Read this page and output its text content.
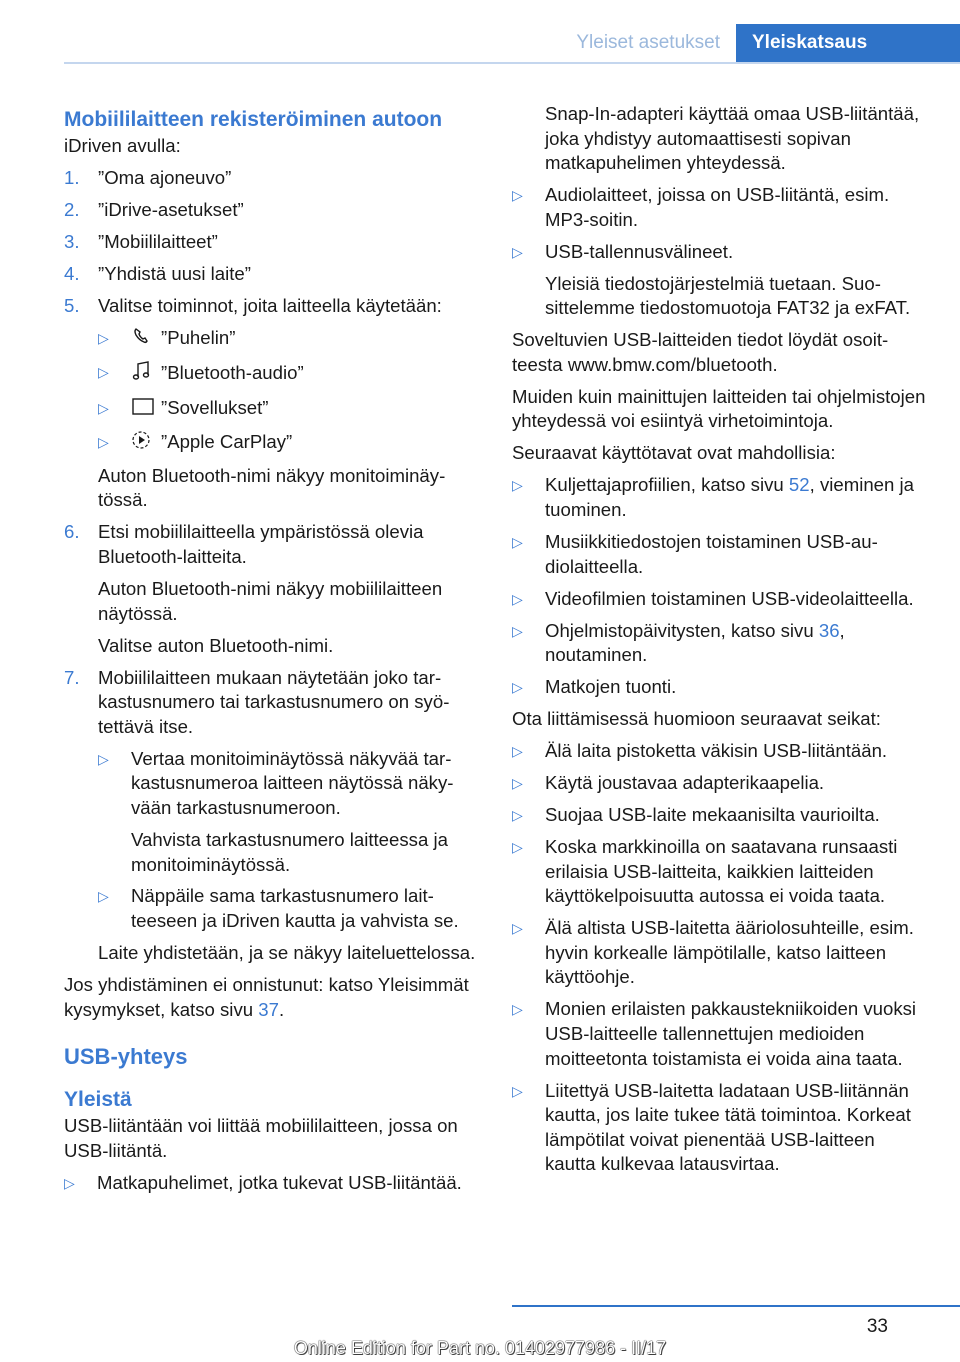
Yleiset asetukset	Yleiskatsaus
Mobiililaitteen rekisteröiminen autoon

iDriven avulla:

1. ”Oma ajoneuvo”
2. ”iDrive-asetukset”
3. ”Mobiililaitteet”
4. ”Yhdistä uusi laite”
5. Valitse toiminnot, joita laitteella käytetään:
▷	”Puhelin”
▷	”Bluetooth-audio”
▷	”Sovellukset”
▷	”Apple CarPlay”
Auton Bluetooth-nimi näkyy monitoiminäytössä.
6. Etsi mobiililaitteella ympäristössä olevia Bluetooth-laitteita.
Auton Bluetooth-nimi näkyy mobiililaitteen näytössä.
Valitse auton Bluetooth-nimi.
7. Mobiililaitteen mukaan näytetään joko tarkastusnumero tai tarkastusnumero on syötettävä itse.
▷	Vertaa monitoiminäytössä näkyvää tarkastusnumeroa laitteen näytössä näkyvään tarkastusnumeroon.
Vahvista tarkastusnumero laitteessa ja monitoiminäytössä.
▷	Näppäile sama tarkastusnumero laitteeseen ja iDriven kautta ja vahvista se.
Laite yhdistetään, ja se näkyy laiteluettelossa.

Jos yhdistäminen ei onnistunut: katso Yleisimmät kysymykset, katso sivu 37.

USB-yhteys
Yleistä

USB-liitäntään voi liittää mobiililaitteen, jossa on USB-liitäntä.

▷	Matkapuhelimet, jotka tukevat USB-liitäntää.
Snap-In-adapteri käyttää omaa USB-liitäntää, joka yhdistyy automaattisesti sopivan matkapuhelimen yhteydessä.
▷	Audiolaitteet, joissa on USB-liitäntä, esim. MP3-soitin.
▷	USB-tallennusvälineet.
Yleisiä tiedostojärjestelmiä tuetaan. Suosittelemme tiedostomuotoja FAT32 ja exFAT.

Soveltuvien USB-laitteiden tiedot löydät osoitteesta www.bmw.com/bluetooth.

Muiden kuin mainittujen laitteiden tai ohjelmistojen yhteydessä voi esiintyä virhetoimintoja.

Seuraavat käyttötavat ovat mahdollisia:

▷	Kuljettajaprofiilien, katso sivu 52, vieminen ja tuominen.
▷	Musiikkitiedostojen toistaminen USB-audiolaitteella.
▷	Videofilmien toistaminen USB-videolaitteella.
▷	Ohjelmistopäivitysten, katso sivu 36, noutaminen.
▷	Matkojen tuonti.

Ota liittämisessä huomioon seuraavat seikat:

▷	Älä laita pistoketta väkisin USB-liitäntään.
▷	Käytä joustavaa adapterikaapelia.
▷	Suojaa USB-laite mekaanisilta vaurioilta.
▷	Koska markkinoilla on saatavana runsaasti erilaisia USB-laitteita, kaikkien laitteiden käyttökelpoisuutta autossa ei voida taata.
▷	Älä altista USB-laitetta ääriolosuhteille, esim. hyvin korkealle lämpötilalle, katso laitteen käyttöohje.
▷	Monien erilaisten pakkaustekniikoiden vuoksi USB-laitteelle tallennettujen medioiden moitteetonta toistamista ei voida aina taata.
▷	Liitettyä USB-laitetta ladataan USB-liitännän kautta, jos laite tukee tätä toimintoa. Korkeat lämpötilat voivat pienentää USB-laitteen kautta kulkevaa latausvirtaa.
33
Online Edition for Part no. 01402977986 - II/17
